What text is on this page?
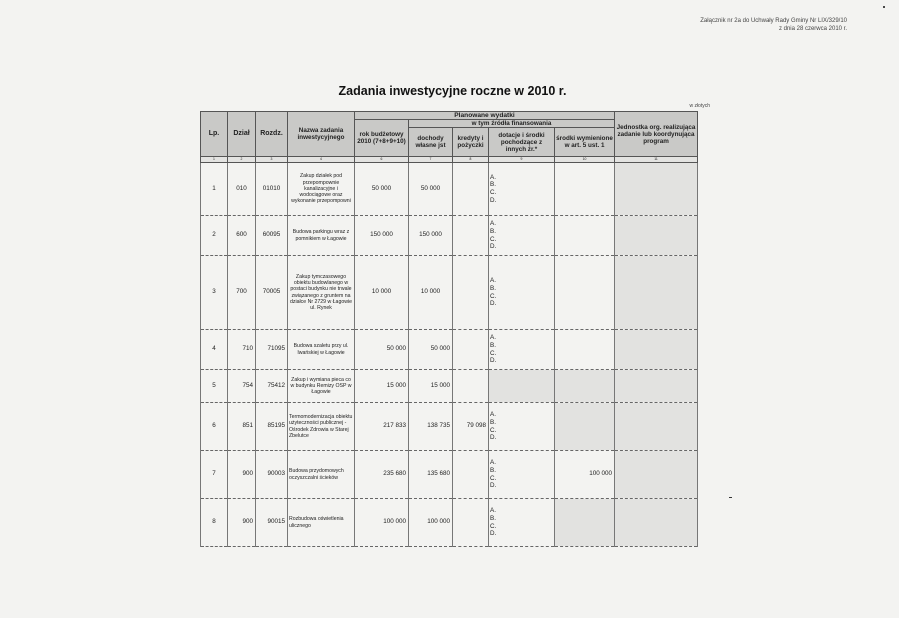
Załącznik nr 2a do Uchwały Rady Gminy Nr LIX/329/10
z dnia 28 czerwca 2010 r.
Zadania inwestycyjne roczne w 2010 r.
w złotych
Lp.	Dział	Rozdz.	Nazwa zadania inwestycyjnego	Planowane wydatki					Jednostka org. realizująca zadanie lub koordynująca program
				rok budżetowy 2010 (7+8+9+10)	w tym źródła finansowania				
					dochody własne jst	kredyty i pożyczki	dotacje i środki pochodzące z innych źr.*	środki wymienione w art. 5 ust. 1	
1	2	3	4	6	7	8	9	10	11
1	010	01010	Zakup działek pod przepompownie kanalizacyjne i wodociągowe oraz wykonanie przepompowni	50 000	50 000		A.
B.
C.
D.		

2	600	60095	Budowa parkingu wraz z pomnikiem w Łagowie	150 000	150 000		A.
B.
C.
D.		

3	700	70005	Zakup tymczasowego obiektu budowlanego w postaci budynku nie trwale związanego z gruntem na działce Nr 2729 w Łagowie ul. Rynek	10 000	10 000		A.
B.
C.
D.		

4	710	71095	Budowa szaletu przy ul. Iwańskiej w Łagowie	50 000	50 000		A.
B.
C.
D.		

5	754	75412	Zakup i wymiana pieca co w budynku Remizy OSP w Łagowie	15 000	15 000				
6	851	85195	Termomodernizacja obiektu użyteczności publicznej - Ośrodek Zdrowia w Starej Zbelutce	217 833	138 735	79 098	A.
B.
C.
D.		

7	900	90003	Budowa przydomowych oczyszczalni ścieków	235 680	135 680		A.
B.
C.
D.	100 000	
8	900	90015	Rozbudowa oświetlenia ulicznego	100 000	100 000		A.
B.
C.
D.		
